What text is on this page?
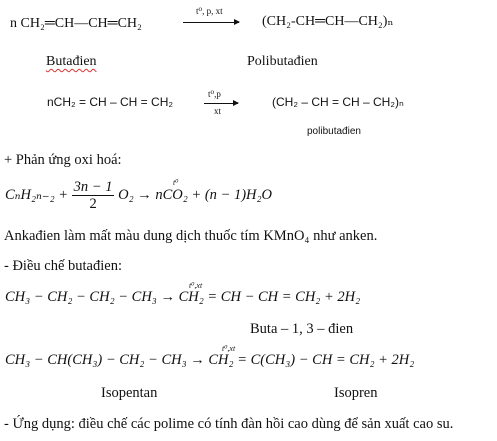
n CH₂═CH—CH═CH₂
t⁰, p, xt
(CH₂-CH═CH—CH₂)ₙ
Butađien	Polibutađien
nCH₂ = CH – CH = CH₂
t⁰,p
xt
(CH₂ – CH = CH – CH₂)ₙ
polibutađien
+ Phản ứng oxi hoá:
$C_nH_{2n-2} + \frac{3n - 1}{2} O_2 \to nCO_2 + (n - 1)H_2O$
t⁰
Ankađien làm mất màu dung dịch thuốc tím KMnO₄ như anken.
- Điều chế butađien:
CH₃ − CH₂ − CH₂ − CH₃ → CH₂ = CH − CH = CH₂ + 2H₂
t⁰,xt
Buta – 1, 3 – đien
CH₃ − CH(CH₃) − CH₂ − CH₃ → CH₂ = C(CH₃) − CH = CH₂ + 2H₂
t⁰,xt
Isopentan	Isopren
- Ứng dụng: điều chế các polime có tính đàn hồi cao dùng để sản xuất cao su.
